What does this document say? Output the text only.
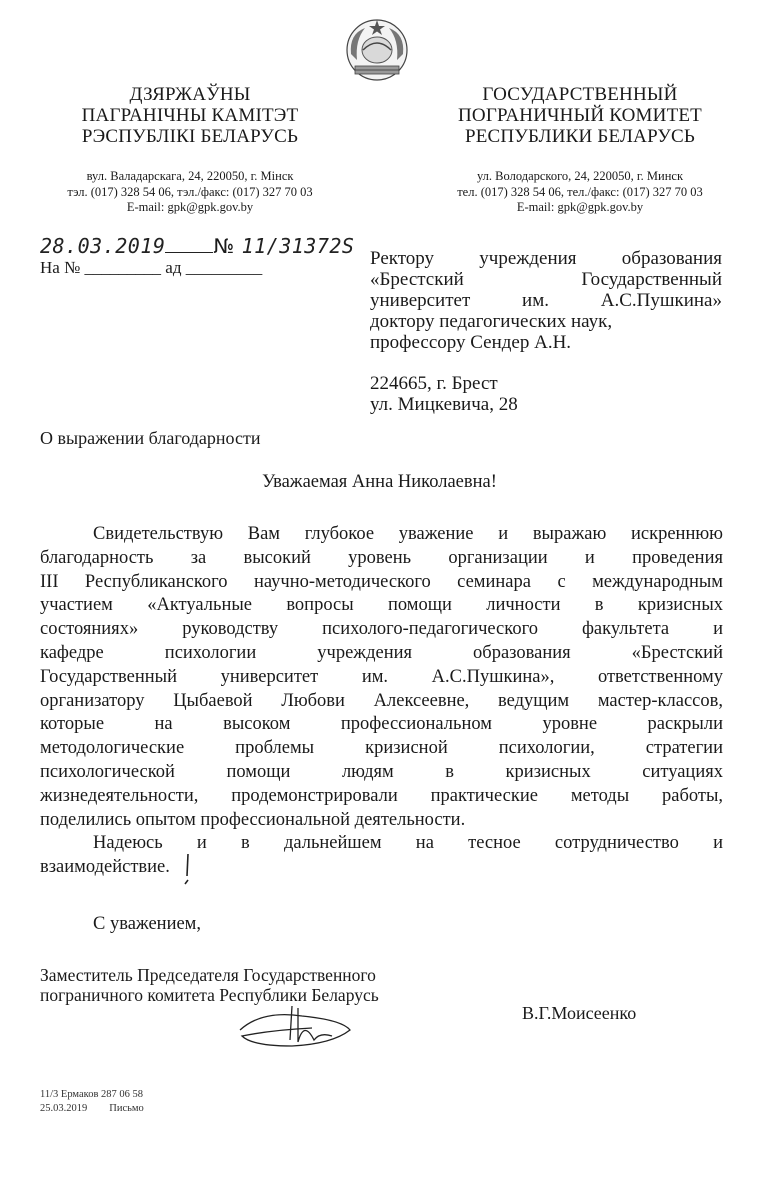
ДЗЯРЖАЎНЫ
ПАГРАНІЧНЫ КАМІТЭТ
РЭСПУБЛІКІ БЕЛАРУСЬ
вул. Валадарскага, 24, 220050, г. Мінск
тэл. (017) 328 54 06, тэл./факс: (017) 327 70 03
E-mail: gpk@gpk.gov.by
ГОСУДАРСТВЕННЫЙ
ПОГРАНИЧНЫЙ КОМИТЕТ
РЕСПУБЛИКИ БЕЛАРУСЬ
ул. Володарского, 24, 220050, г. Минск
тел. (017) 328 54 06, тел./факс: (017) 327 70 03
E-mail: gpk@gpk.gov.by
28.03.2019 № 11/31372S
На № _________ ад _________	Ректору учреждения образования
«Брестский Государственный
университет им. А.С.Пушкина»
доктору педагогических наук,
профессору Сендер А.Н.
224665, г. Брест
ул. Мицкевича, 28
О выражении благодарности
Уважаемая Анна Николаевна!
Свидетельствую Вам глубокое уважение и выражаю искреннюю
благодарность за высокий уровень организации и проведения
III Республиканского научно-методического семинара с международным
участием «Актуальные вопросы помощи личности в кризисных
состояниях» руководству психолого-педагогического факультета и
кафедре психологии учреждения образования «Брестский
Государственный университет им. А.С.Пушкина», ответственному
организатору Цыбаевой Любови Алексеевне, ведущим мастер-классов,
которые на высоком профессиональном уровне раскрыли
методологические проблемы кризисной психологии, стратегии
психологической помощи людям в кризисных ситуациях
жизнедеятельности, продемонстрировали практические методы работы,
поделились опытом профессиональной деятельности.
Надеюсь и в дальнейшем на тесное сотрудничество и
взаимодействие.
С уважением,
Заместитель Председателя Государственного
пограничного комитета Республики Беларусь
В.Г.Моисеенко
11/3 Ермаков 287 06 58
25.03.2019 Письмо
